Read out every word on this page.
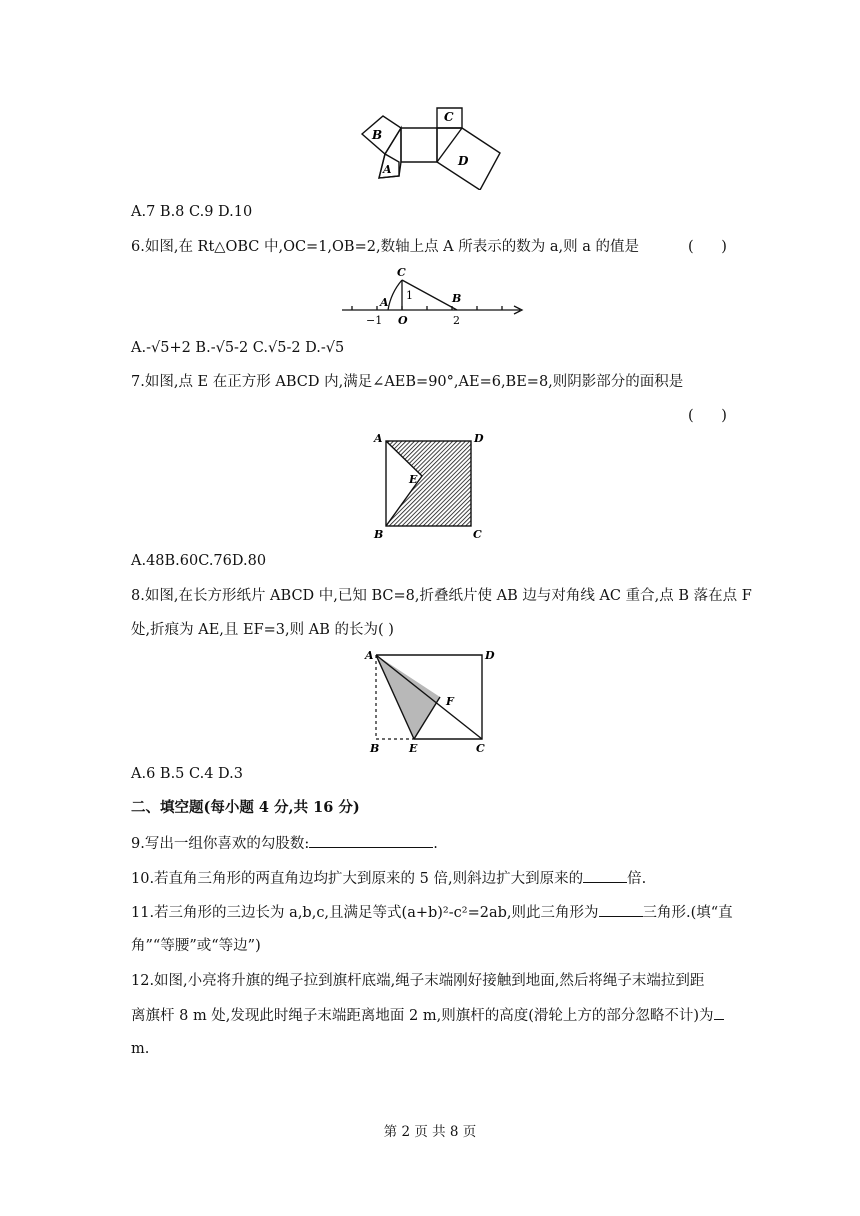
B
A
C
D
A.7 B.8 C.9 D.10
6.如图,在 Rt△OBC 中,OC=1,OB=2,数轴上点 A 所表示的数为 a,则 a 的值是	(      )
C
1
A	B
−1 O	2
A.-√5+2 B.-√5-2 C.√5-2 D.-√5
7.如图,点 E 在正方形 ABCD 内,满足∠AEB=90°,AE=6,BE=8,则阴影部分的面积是
(      )
A	D
E
B	C
A.48B.60C.76D.80
8.如图,在长方形纸片 ABCD 中,已知 BC=8,折叠纸片使 AB 边与对角线 AC 重合,点 B 落在点 F
处,折痕为 AE,且 EF=3,则 AB 的长为( )
A	D
F
B	E	C
A.6 B.5 C.4 D.3
二、填空题(每小题 4 分,共 16 分)
9.写出一组你喜欢的勾股数:	.
10.若直角三角形的两直角边均扩大到原来的 5 倍,则斜边扩大到原来的	倍.
11.若三角形的三边长为 a,b,c,且满足等式(a+b)²-c²=2ab,则此三角形为	三角形.(填“直
角”“等腰”或“等边”)
12.如图,小亮将升旗的绳子拉到旗杆底端,绳子末端刚好接触到地面,然后将绳子末端拉到距
离旗杆 8 m 处,发现此时绳子末端距离地面 2 m,则旗杆的高度(滑轮上方的部分忽略不计)为
m.
第 2 页 共 8 页
